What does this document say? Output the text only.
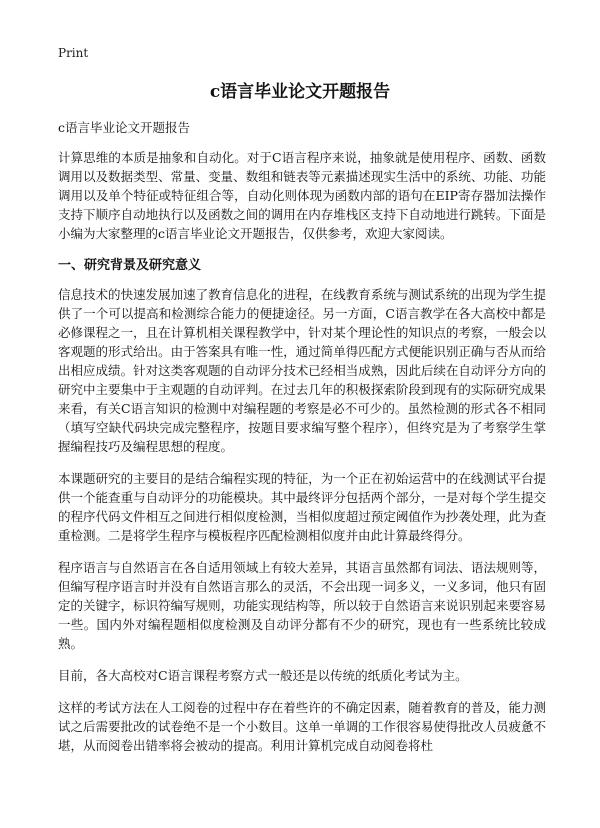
Print
c语言毕业论文开题报告

c语言毕业论文开题报告

计算思维的本质是抽象和自动化。对于C语言程序来说，抽象就是使用程序、函数、函数调用以及数据类型、常量、变量、数组和链表等元素描述现实生活中的系统、功能、功能调用以及单个特征或特征组合等，自动化则体现为函数内部的语句在EIP寄存器加法操作支持下顺序自动地执行以及函数之间的调用在内存堆栈区支持下自动地进行跳转。下面是小编为大家整理的c语言毕业论文开题报告，仅供参考，欢迎大家阅读。

一、研究背景及研究意义

信息技术的快速发展加速了教育信息化的进程，在线教育系统与测试系统的出现为学生提供了一个可以提高和检测综合能力的便捷途径。另一方面，C语言教学在各大高校中都是必修课程之一，且在计算机相关课程教学中，针对某个理论性的知识点的考察，一般会以客观题的形式给出。由于答案具有唯一性，通过简单得匹配方式便能识别正确与否从而给出相应成绩。针对这类客观题的自动评分技术已经相当成熟，因此后续在自动评分方向的研究中主要集中于主观题的自动评判。在过去几年的积极探索阶段到现有的实际研究成果来看，有关C语言知识的检测中对编程题的考察是必不可少的。虽然检测的形式各不相同（填写空缺代码块完成完整程序，按题目要求编写整个程序），但终究是为了考察学生掌握编程技巧及编程思想的程度。

本课题研究的主要目的是结合编程实现的特征，为一个正在初始运营中的在线测试平台提供一个能查重与自动评分的功能模块。其中最终评分包括两个部分，一是对每个学生提交的程序代码文件相互之间进行相似度检测，当相似度超过预定阈值作为抄袭处理，此为查重检测。二是将学生程序与模板程序匹配检测相似度并由此计算最终得分。

程序语言与自然语言在各自适用领域上有较大差异，其语言虽然都有词法、语法规则等，但编写程序语言时并没有自然语言那么的灵活，不会出现一词多义，一义多词，他只有固定的关键字，标识符编写规则，功能实现结构等，所以较于自然语言来说识别起来要容易一些。国内外对编程题相似度检测及自动评分都有不少的研究，现也有一些系统比较成熟。

目前，各大高校对C语言课程考察方式一般还是以传统的纸质化考试为主。

这样的考试方法在人工阅卷的过程中存在着些许的不确定因素，随着教育的普及，能力测试之后需要批改的试卷绝不是一个小数目。这单一单调的工作很容易使得批改人员疲惫不堪，从而阅卷出错率将会被动的提高。利用计算机完成自动阅卷将杜
